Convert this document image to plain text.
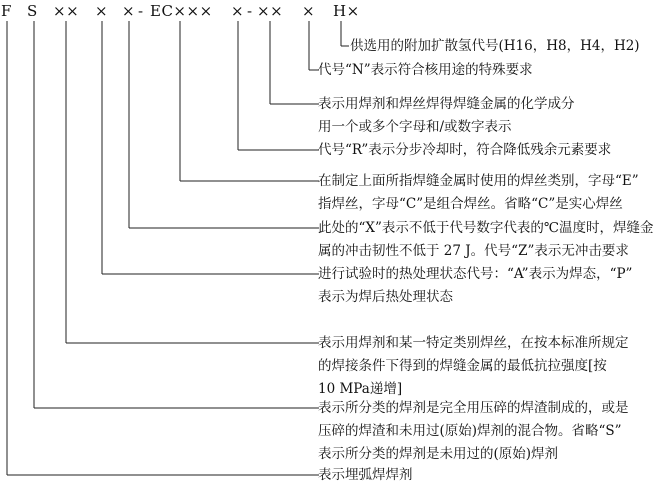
F S ×× × × - EC××× × - ×× × H×
供选用的附加扩散氢代号(H16，H8，H4，H2)
代号“N”表示符合核用途的特殊要求
表示用焊剂和焊丝焊得焊缝金属的化学成分
用一个或多个字母和/或数字表示
代号“R”表示分步冷却时，符合降低残余元素要求
在制定上面所指焊缝金属时使用的焊丝类别，字母“E”
指焊丝，字母“C”是组合焊丝。省略“C”是实心焊丝
此处的“X”表示不低于代号数字代表的℃温度时，焊缝金
属的冲击韧性不低于 27 J。代号“Z”表示无冲击要求
进行试验时的热处理状态代号：“A”表示为焊态，“P”
表示为焊后热处理状态
表示用焊剂和某一特定类别焊丝，在按本标准所规定
的焊接条件下得到的焊缝金属的最低抗拉强度[按
10 MPa递增]
表示所分类的焊剂是完全用压碎的焊渣制成的，或是
压碎的焊渣和未用过(原始)焊剂的混合物。省略“S”
表示所分类的焊剂是未用过的(原始)焊剂
表示埋弧焊焊剂
